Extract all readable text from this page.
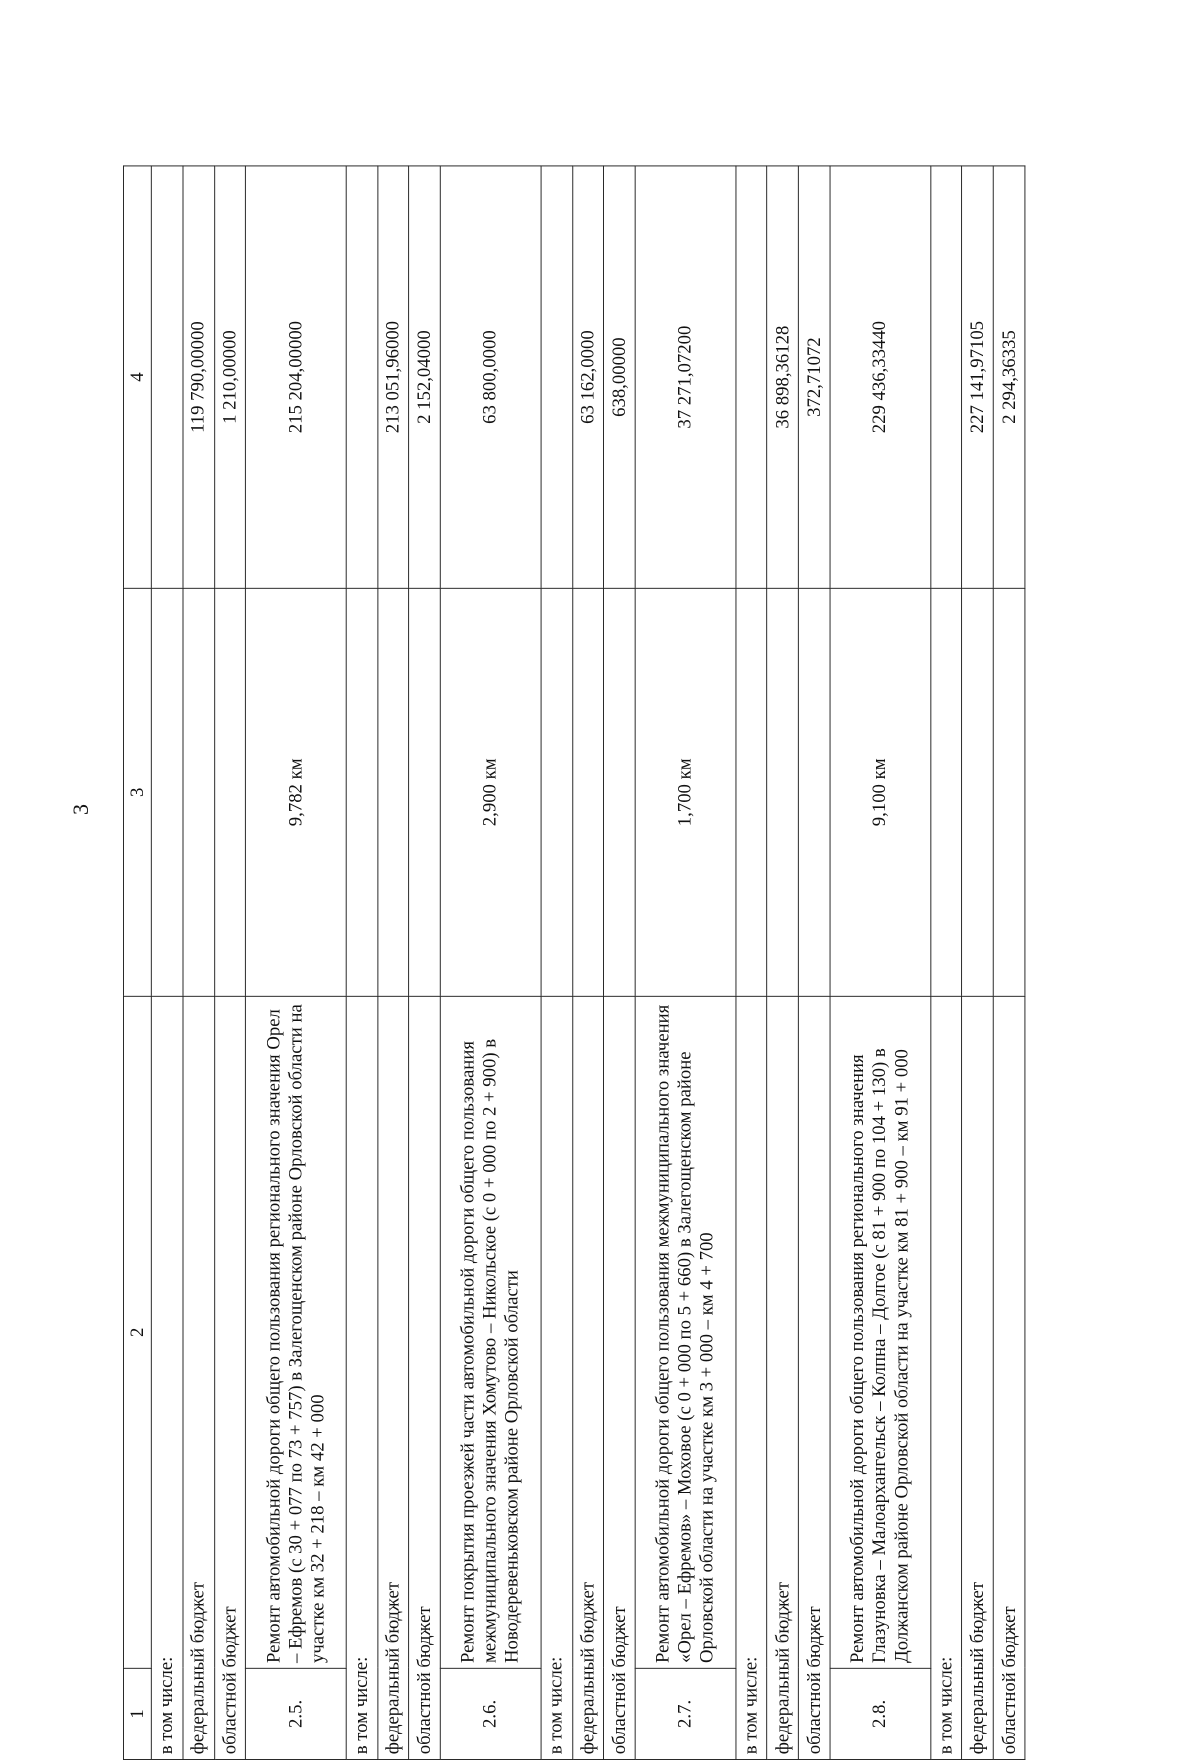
3
1	2	3	4
в том числе:			
федеральный бюджет			119 790,00000
областной бюджет			1 210,00000
2.5.	Ремонт автомобильной дороги общего пользования регионального значения Орел – Ефремов (с 30 + 077 по 73 + 757) в Залегощенском районе Орловской области на участке км 32 + 218 – км 42 + 000	9,782 км	215 204,00000
в том числе:			
федеральный бюджет			213 051,96000
областной бюджет			2 152,04000
2.6.	Ремонт покрытия проезжей части автомобильной дороги общего пользования межмуниципального значения Хомутово – Никольское (с 0 + 000 по 2 + 900) в Новодеревеньковском районе Орловской области	2,900 км	63 800,0000
в том числе:			
федеральный бюджет			63 162,0000
областной бюджет			638,00000
2.7.	Ремонт автомобильной дороги общего пользования межмуниципального значения «Орел – Ефремов» – Моховое (с 0 + 000 по 5 + 660) в Залегощенском районе Орловской области на участке км 3 + 000 – км 4 + 700	1,700 км	37 271,07200
в том числе:			
федеральный бюджет			36 898,36128
областной бюджет			372,71072
2.8.	Ремонт автомобильной дороги общего пользования регионального значения Глазуновка – Малоархангельск – Колпна – Долгое (с 81 + 900 по 104 + 130) в Должанском районе Орловской области на участке км 81 + 900 – км 91 + 000	9,100 км	229 436,33440
в том числе:			
федеральный бюджет			227 141,97105
областной бюджет			2 294,36335
